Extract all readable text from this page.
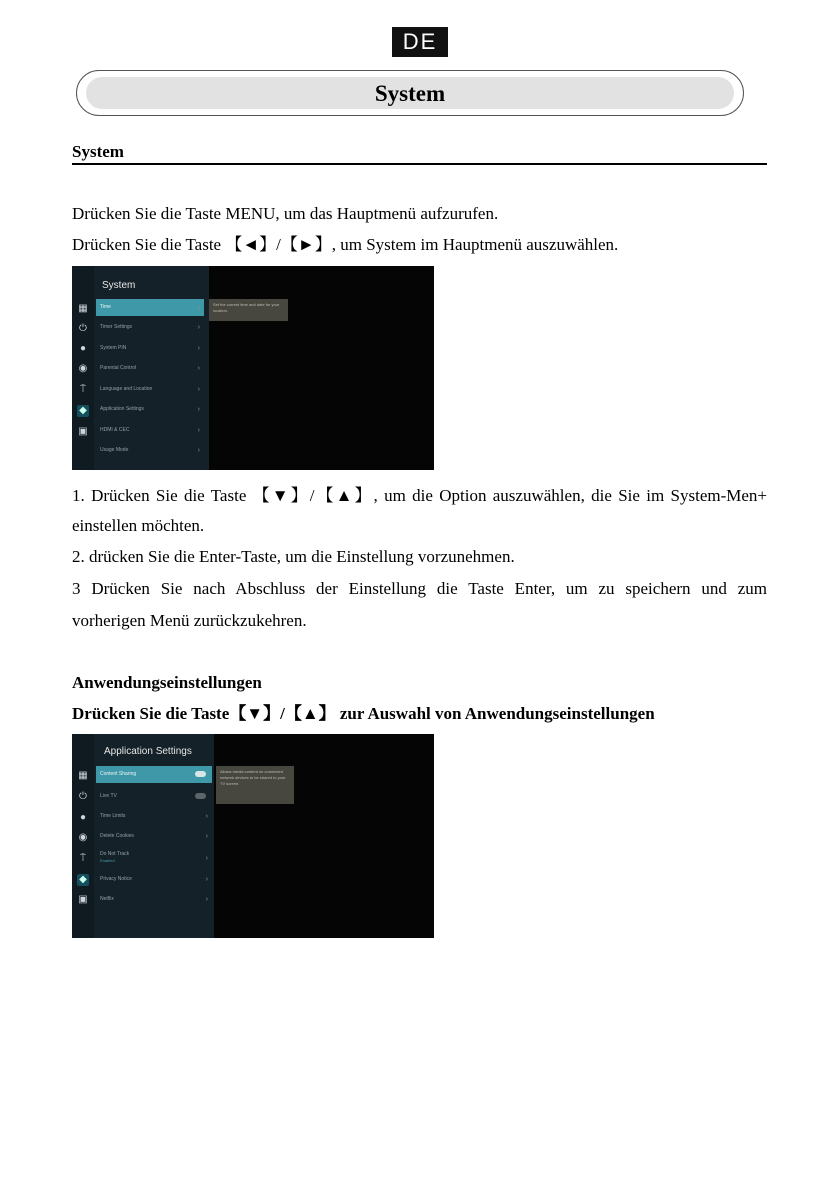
DE
System
System
Drücken Sie die Taste MENU, um das Hauptmenü aufzurufen.
Drücken Sie die Taste 【◄】/【►】, um System im Hauptmenü auszuwählen.
▦
⏻
●
◉
⍑
◆
▣
System
Time	›
Timer Settings	›
System PIN	›
Parental Control	›
Language and Location	›
Application Settings	›
HDMI & CEC	›
Usage Mode	›
Set the current time and date for your location.
1. Drücken Sie die Taste 【▼】/【▲】, um die Option auszuwählen, die Sie im System-Men+
einstellen möchten.
2. drücken Sie die Enter-Taste, um die Einstellung vorzunehmen.
3 Drücken Sie nach Abschluss der Einstellung die Taste Enter, um zu speichern und zum
vorherigen Menü zurückzukehren.
Anwendungseinstellungen
Drücken Sie die Taste【▼】/【▲】 zur Auswahl von Anwendungseinstellungen
▦
⏻
●
◉
⍑
◆
▣
Application Settings
Content Sharing
Live TV
Time Limits	›
Delete Cookies	›
Do Not Track
Enabled	›
Privacy Notice	›
Netflix	›
Allows media content on connected network devices to be shared to your TV screen.
